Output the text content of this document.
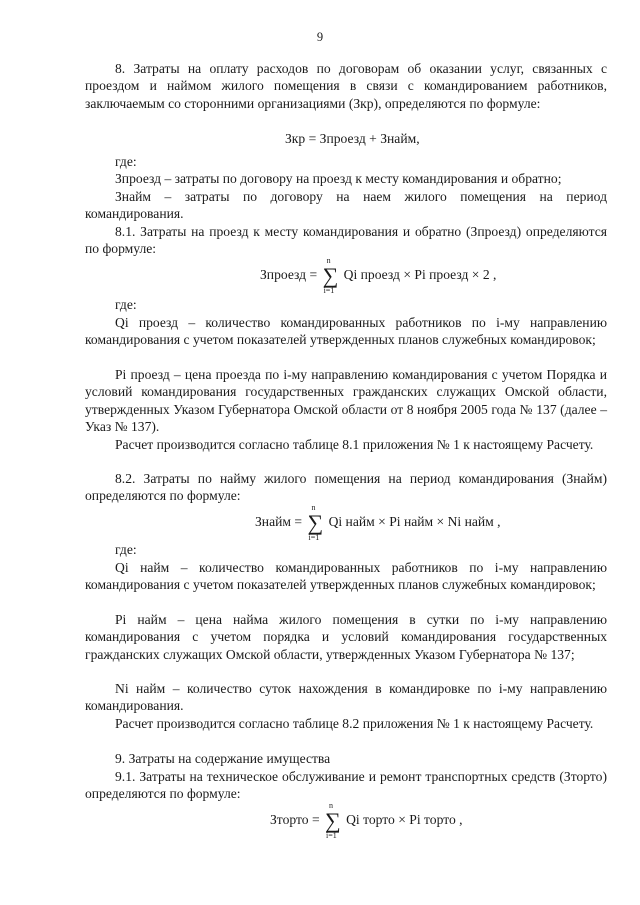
9
8. Затраты на оплату расходов по договорам об оказании услуг, связанных с проездом и наймом жилого помещения в связи с командированием работников, заключаемым со сторонними организациями (Зкр), определяются по формуле:
Зкр = Зпроезд + Знайм,
где:
Зпроезд – затраты по договору на проезд к месту командирования и обратно;
Знайм – затраты по договору на наем жилого помещения на период командирования.
8.1. Затраты на проезд к месту командирования и обратно (Зпроезд) определяются по формуле:
Зпроезд = ∑
n
i=1
Qi проезд × Pi проезд × 2 ,
где:
Qi проезд – количество командированных работников по i-му направлению командирования с учетом показателей утвержденных планов служебных командировок;
Pi проезд – цена проезда по i-му направлению командирования с учетом Порядка и условий командирования государственных гражданских служащих Омской области, утвержденных Указом Губернатора Омской области от 8 ноября 2005 года № 137 (далее – Указ № 137).
Расчет производится согласно таблице 8.1 приложения № 1 к настоящему Расчету.
8.2. Затраты по найму жилого помещения на период командирования (Знайм) определяются по формуле:
Знайм = ∑
n
i=1
Qi найм × Pi найм × Ni найм ,
где:
Qi найм – количество командированных работников по i-му направлению командирования с учетом показателей утвержденных планов служебных командировок;
Pi найм – цена найма жилого помещения в сутки по i-му направлению командирования с учетом порядка и условий командирования государственных гражданских служащих Омской области, утвержденных Указом Губернатора № 137;
Ni найм – количество суток нахождения в командировке по i-му направлению командирования.
Расчет производится согласно таблице 8.2 приложения № 1 к настоящему Расчету.
9. Затраты на содержание имущества
9.1. Затраты на техническое обслуживание и ремонт транспортных средств (Зторто) определяются по формуле:
Зторто = ∑
n
i=1
Qi торто × Pi торто ,
